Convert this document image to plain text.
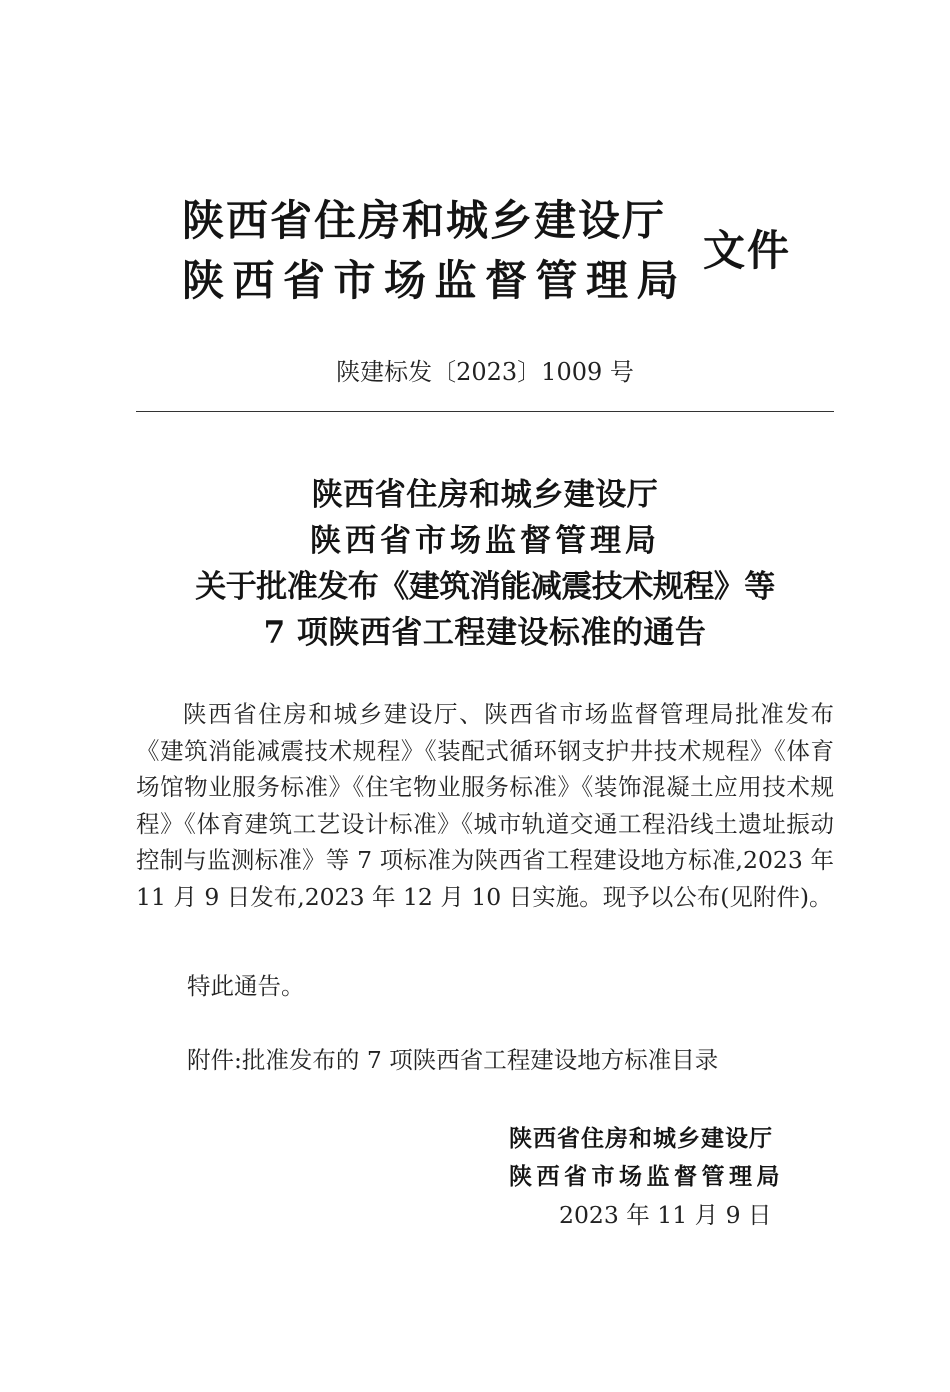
陕西省住房和城乡建设厅
陕西省市场监督管理局
文件
陕建标发〔2023〕1009 号
陕西省住房和城乡建设厅
陕西省市场监督管理局
关于批准发布《建筑消能减震技术规程》等
7 项陕西省工程建设标准的通告

陕西省住房和城乡建设厅、陕西省市场监督管理局批准发布《建筑消能减震技术规程》《装配式循环钢支护井技术规程》《体育场馆物业服务标准》《住宅物业服务标准》《装饰混凝土应用技术规程》《体育建筑工艺设计标准》《城市轨道交通工程沿线土遗址振动控制与监测标准》等 7 项标准为陕西省工程建设地方标准,2023 年 11 月 9 日发布,2023 年 12 月 10 日实施。现予以公布(见附件)。

特此通告。
附件:批准发布的 7 项陕西省工程建设地方标准目录
陕西省住房和城乡建设厅
陕西省市场监督管理局
2023 年 11 月 9 日
